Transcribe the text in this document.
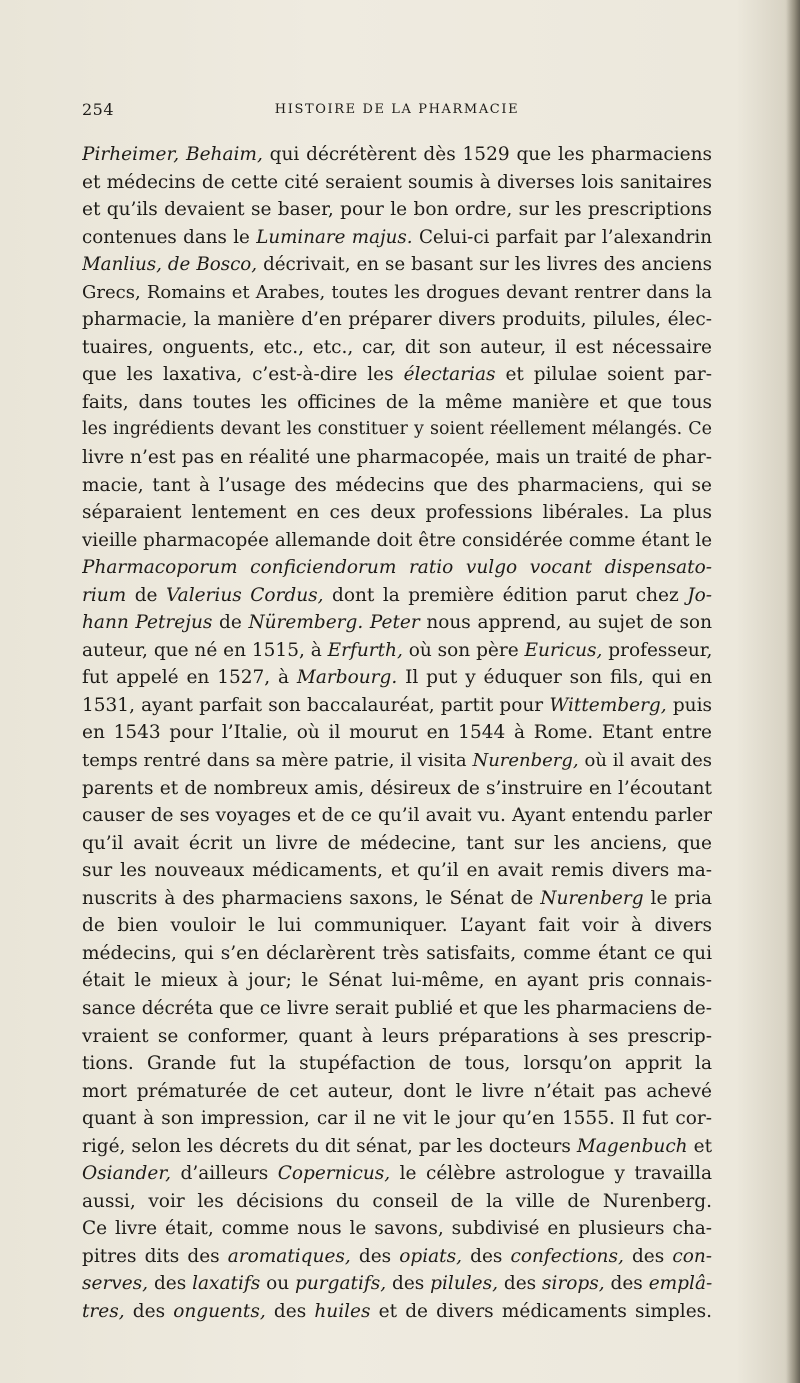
254	HISTOIRE DE LA PHARMACIE
Pirheimer, Behaim, qui décrétèrent dès 1529 que les pharmaciens
et médecins de cette cité seraient soumis à diverses lois sanitaires
et qu’ils devaient se baser, pour le bon ordre, sur les prescriptions
contenues dans le Luminare majus. Celui-ci parfait par l’alexandrin
Manlius, de Bosco, décrivait, en se basant sur les livres des anciens
Grecs, Romains et Arabes, toutes les drogues devant rentrer dans la
pharmacie, la manière d’en préparer divers produits, pilules, élec-
tuaires, onguents, etc., etc., car, dit son auteur, il est nécessaire
que les laxativa, c’est-à-dire les électarias et pilulae soient par-
faits, dans toutes les officines de la même manière et que tous
les ingrédients devant les constituer y soient réellement mélangés. Ce
livre n’est pas en réalité une pharmacopée, mais un traité de phar-
macie, tant à l’usage des médecins que des pharmaciens, qui se
séparaient lentement en ces deux professions libérales. La plus
vieille pharmacopée allemande doit être considérée comme étant le
Pharmacoporum conficiendorum ratio vulgo vocant dispensato-
rium de Valerius Cordus, dont la première édition parut chez Jo-
hann Petrejus de Nüremberg. Peter nous apprend, au sujet de son
auteur, que né en 1515, à Erfurth, où son père Euricus, professeur,
fut appelé en 1527, à Marbourg. Il put y éduquer son fils, qui en
1531, ayant parfait son baccalauréat, partit pour Wittemberg, puis
en 1543 pour l’Italie, où il mourut en 1544 à Rome. Etant entre
temps rentré dans sa mère patrie, il visita Nurenberg, où il avait des
parents et de nombreux amis, désireux de s’instruire en l’écoutant
causer de ses voyages et de ce qu’il avait vu. Ayant entendu parler
qu’il avait écrit un livre de médecine, tant sur les anciens, que
sur les nouveaux médicaments, et qu’il en avait remis divers ma-
nuscrits à des pharmaciens saxons, le Sénat de Nurenberg le pria
de bien vouloir le lui communiquer. L’ayant fait voir à divers
médecins, qui s’en déclarèrent très satisfaits, comme étant ce qui
était le mieux à jour; le Sénat lui-même, en ayant pris connais-
sance décréta que ce livre serait publié et que les pharmaciens de-
vraient se conformer, quant à leurs préparations à ses prescrip-
tions. Grande fut la stupéfaction de tous, lorsqu’on apprit la
mort prématurée de cet auteur, dont le livre n’était pas achevé
quant à son impression, car il ne vit le jour qu’en 1555. Il fut cor-
rigé, selon les décrets du dit sénat, par les docteurs Magenbuch et
Osiander, d’ailleurs Copernicus, le célèbre astrologue y travailla
aussi, voir les décisions du conseil de la ville de Nurenberg.
Ce livre était, comme nous le savons, subdivisé en plusieurs cha-
pitres dits des aromatiques, des opiats, des confections, des con-
serves, des laxatifs ou purgatifs, des pilules, des sirops, des emplâ-
tres, des onguents, des huiles et de divers médicaments simples.
